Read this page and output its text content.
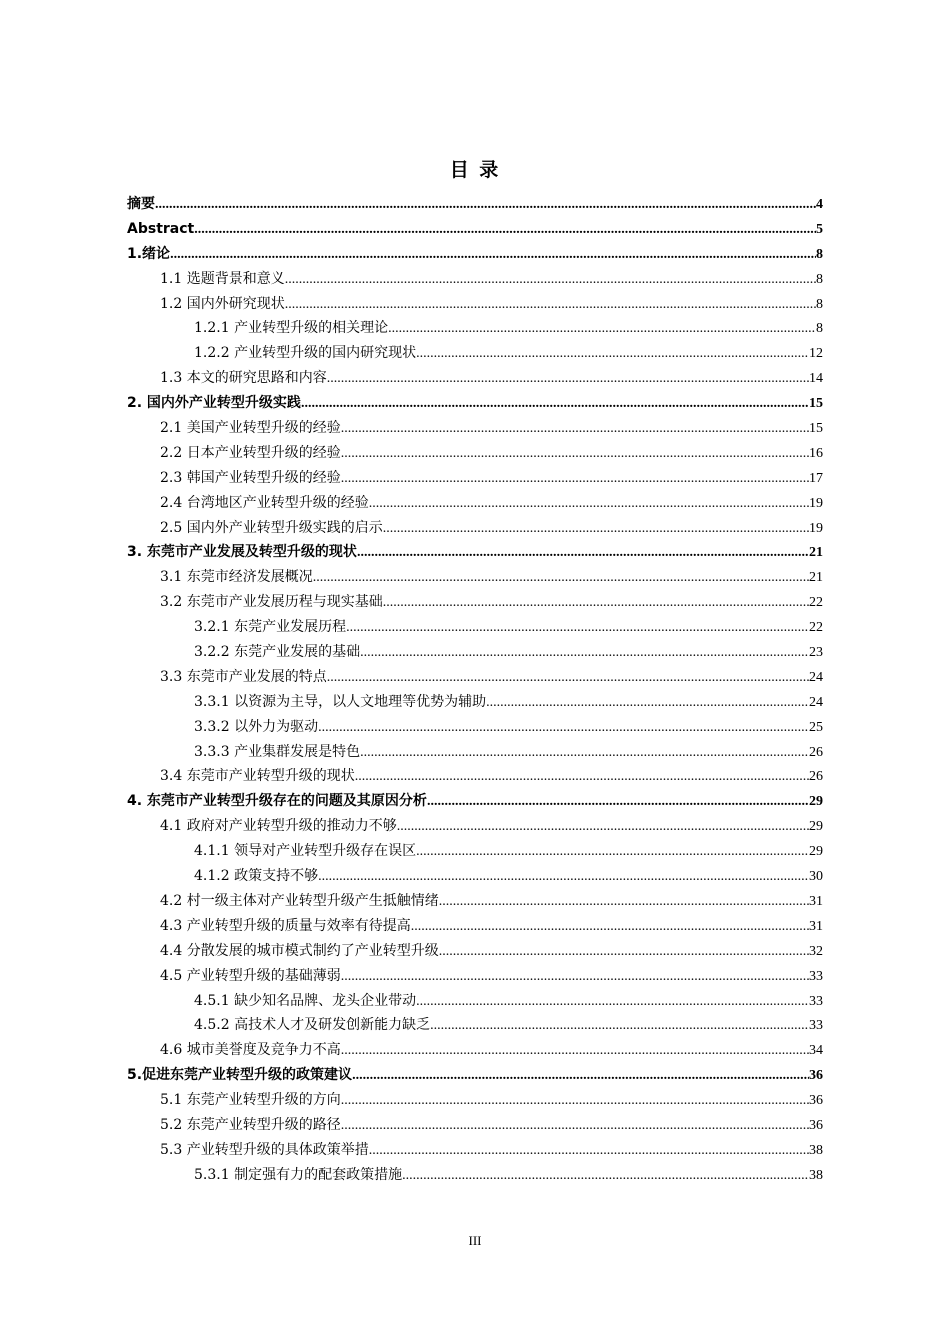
目 录
摘要 .....	4
Abstract .....	5
1.绪论 .....	8
1.1 选题背景和意义 .....	8
1.2 国内外研究现状 .....	8
1.2.1 产业转型升级的相关理论 .....	8
1.2.2 产业转型升级的国内研究现状 .....	12
1.3 本文的研究思路和内容 .....	14
2. 国内外产业转型升级实践 .....	15
2.1 美国产业转型升级的经验 .....	15
2.2 日本产业转型升级的经验 .....	16
2.3 韩国产业转型升级的经验 .....	17
2.4 台湾地区产业转型升级的经验 .....	19
2.5 国内外产业转型升级实践的启示 .....	19
3. 东莞市产业发展及转型升级的现状 .....	21
3.1 东莞市经济发展概况 .....	21
3.2 东莞市产业发展历程与现实基础 .....	22
3.2.1 东莞产业发展历程 .....	22
3.2.2 东莞产业发展的基础 .....	23
3.3 东莞市产业发展的特点 .....	24
3.3.1 以资源为主导，以人文地理等优势为辅助 .....	24
3.3.2 以外力为驱动 .....	25
3.3.3 产业集群发展是特色 .....	26
3.4 东莞市产业转型升级的现状 .....	26
4. 东莞市产业转型升级存在的问题及其原因分析 .....	29
4.1 政府对产业转型升级的推动力不够 .....	29
4.1.1 领导对产业转型升级存在误区 .....	29
4.1.2 政策支持不够 .....	30
4.2 村一级主体对产业转型升级产生抵触情绪 .....	31
4.3 产业转型升级的质量与效率有待提高 .....	31
4.4 分散发展的城市模式制约了产业转型升级 .....	32
4.5 产业转型升级的基础薄弱 .....	33
4.5.1 缺少知名品牌、龙头企业带动 .....	33
4.5.2 高技术人才及研发创新能力缺乏 .....	33
4.6 城市美誉度及竞争力不高 .....	34
5.促进东莞产业转型升级的政策建议 .....	36
5.1 东莞产业转型升级的方向 .....	36
5.2 东莞产业转型升级的路径 .....	36
5.3 产业转型升级的具体政策举措 .....	38
5.3.1 制定强有力的配套政策措施 .....	38
III
